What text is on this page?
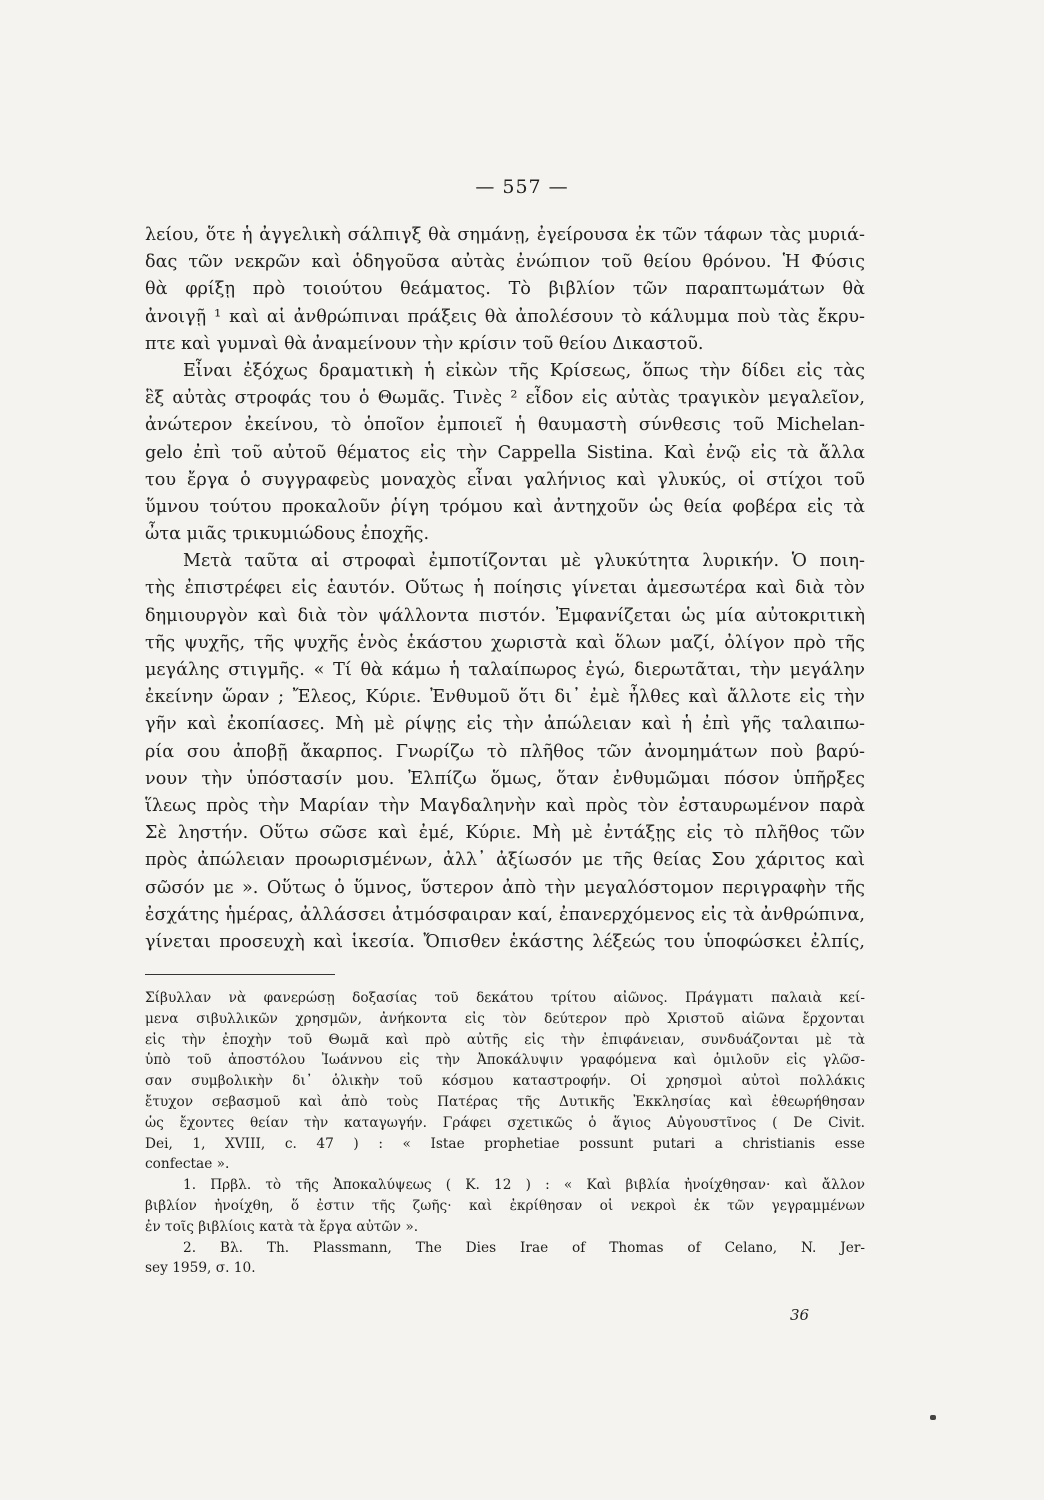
— 557 —
λείου, ὅτε ἡ ἀγγελικὴ σάλπιγξ θὰ σημάνῃ, ἐγείρουσα ἐκ τῶν τάφων τὰς μυριά-
δας τῶν νεκρῶν καὶ ὁδηγοῦσα αὐτὰς ἐνώπιον τοῦ θείου θρόνου. Ἡ Φύσις
θὰ φρίξῃ πρὸ τοιούτου θεάματος. Τὸ βιβλίον τῶν παραπτωμάτων θὰ
ἀνοιγῇ ¹ καὶ αἱ ἀνθρώπιναι πράξεις θὰ ἀπολέσουν τὸ κάλυμμα ποὺ τὰς ἔκρυ-
πτε καὶ γυμναὶ θὰ ἀναμείνουν τὴν κρίσιν τοῦ θείου Δικαστοῦ.
Εἶναι ἐξόχως δραματικὴ ἡ εἰκὼν τῆς Κρίσεως, ὅπως τὴν δίδει εἰς τὰς
ἓξ αὐτὰς στροφάς του ὁ Θωμᾶς. Τινὲς ² εἶδον εἰς αὐτὰς τραγικὸν μεγαλεῖον,
ἀνώτερον ἐκείνου, τὸ ὁποῖον ἐμποιεῖ ἡ θαυμαστὴ σύνθεσις τοῦ Michelan-
gelo ἐπὶ τοῦ αὐτοῦ θέματος εἰς τὴν Cappella Sistina. Καὶ ἐνῷ εἰς τὰ ἄλλα
του ἔργα ὁ συγγραφεὺς μοναχὸς εἶναι γαλήνιος καὶ γλυκύς, οἱ στίχοι τοῦ
ὕμνου τούτου προκαλοῦν ῥίγη τρόμου καὶ ἀντηχοῦν ὡς θεία φοβέρα εἰς τὰ
ὦτα μιᾶς τρικυμιώδους ἐποχῆς.
Μετὰ ταῦτα αἱ στροφαὶ ἐμποτίζονται μὲ γλυκύτητα λυρικήν. Ὁ ποιη-
τὴς ἐπιστρέφει εἰς ἑαυτόν. Οὕτως ἡ ποίησις γίνεται ἀμεσωτέρα καὶ διὰ τὸν
δημιουργὸν καὶ διὰ τὸν ψάλλοντα πιστόν. Ἐμφανίζεται ὡς μία αὐτοκριτικὴ
τῆς ψυχῆς, τῆς ψυχῆς ἑνὸς ἑκάστου χωριστὰ καὶ ὅλων μαζί, ὀλίγον πρὸ τῆς
μεγάλης στιγμῆς. « Τί θὰ κάμω ἡ ταλαίπωρος ἐγώ, διερωτᾶται, τὴν μεγάλην
ἐκείνην ὥραν ; Ἔλεος, Κύριε. Ἐνθυμοῦ ὅτι δι᾿ ἐμὲ ἦλθες καὶ ἄλλοτε εἰς τὴν
γῆν καὶ ἐκοπίασες. Μὴ μὲ ρίψῃς εἰς τὴν ἀπώλειαν καὶ ἡ ἐπὶ γῆς ταλαιπω-
ρία σου ἀποβῇ ἄκαρπος. Γνωρίζω τὸ πλῆθος τῶν ἀνομημάτων ποὺ βαρύ-
νουν τὴν ὑπόστασίν μου. Ἐλπίζω ὅμως, ὅταν ἐνθυμῶμαι πόσον ὑπῆρξες
ἵλεως πρὸς τὴν Μαρίαν τὴν Μαγδαληνὴν καὶ πρὸς τὸν ἐσταυρωμένον παρὰ
Σὲ ληστήν. Οὕτω σῶσε καὶ ἐμέ, Κύριε. Μὴ μὲ ἐντάξῃς εἰς τὸ πλῆθος τῶν
πρὸς ἀπώλειαν προωρισμένων, ἀλλ᾿ ἀξίωσόν με τῆς θείας Σου χάριτος καὶ
σῶσόν με ». Οὕτως ὁ ὕμνος, ὕστερον ἀπὸ τὴν μεγαλόστομον περιγραφὴν τῆς
ἐσχάτης ἡμέρας, ἀλλάσσει ἀτμόσφαιραν καί, ἐπανερχόμενος εἰς τὰ ἀνθρώπινα,
γίνεται προσευχὴ καὶ ἱκεσία. Ὄπισθεν ἑκάστης λέξεώς του ὑποφώσκει ἐλπίς,
Σίβυλλαν νὰ φανερώσῃ δοξασίας τοῦ δεκάτου τρίτου αἰῶνος. Πράγματι παλαιὰ κεί-
μενα σιβυλλικῶν χρησμῶν, ἀνήκοντα εἰς τὸν δεύτερον πρὸ Χριστοῦ αἰῶνα ἔρχονται
εἰς τὴν ἐποχὴν τοῦ Θωμᾶ καὶ πρὸ αὐτῆς εἰς τὴν ἐπιφάνειαν, συνδυάζονται μὲ τὰ
ὑπὸ τοῦ ἀποστόλου Ἰωάννου εἰς τὴν Ἀποκάλυψιν γραφόμενα καὶ ὁμιλοῦν εἰς γλῶσ-
σαν συμβολικὴν δι᾿ ὁλικὴν τοῦ κόσμου καταστροφήν. Οἱ χρησμοὶ αὐτοὶ πολλάκις
ἔτυχον σεβασμοῦ καὶ ἀπὸ τοὺς Πατέρας τῆς Δυτικῆς Ἐκκλησίας καὶ ἐθεωρήθησαν
ὡς ἔχοντες θείαν τὴν καταγωγήν. Γράφει σχετικῶς ὁ ἅγιος Αὐγουστῖνος ( De Civit.
Dei, 1, XVIII, c. 47 ) : « Istae prophetiae possunt putari a christianis esse
confectae ».
1. Πρβλ. τὸ τῆς Ἀποκαλύψεως ( Κ. 12 ) : « Καὶ βιβλία ἠνοίχθησαν· καὶ ἄλλον
βιβλίον ἠνοίχθη, ὅ ἐστιν τῆς ζωῆς· καὶ ἐκρίθησαν οἱ νεκροὶ ἐκ τῶν γεγραμμένων
ἐν τοῖς βιβλίοις κατὰ τὰ ἔργα αὐτῶν ».
2. Βλ. Th. Plassmann, The Dies Irae of Thomas of Celano, N. Jer-
sey 1959, σ. 10.
36
